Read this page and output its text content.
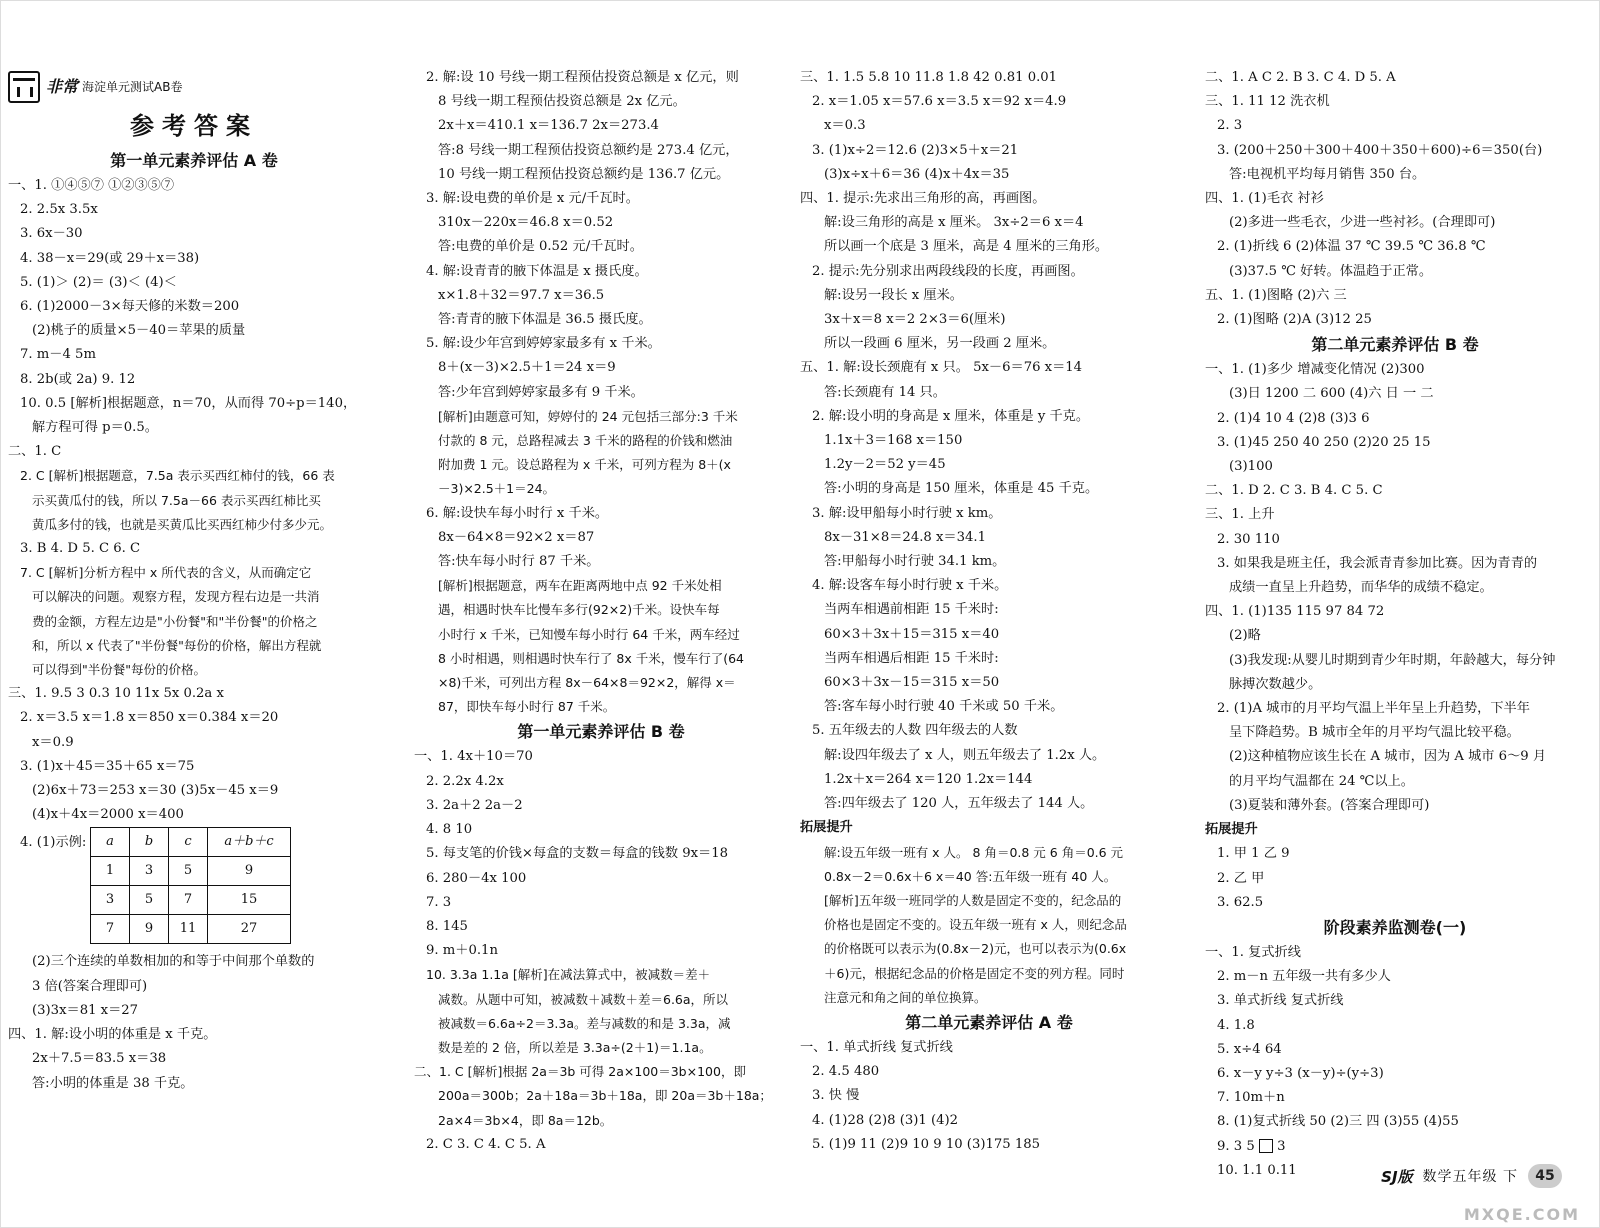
非常 海淀单元测试AB卷
参考答案
第一单元素养评估 A 卷
一、1. ①④⑤⑦ ①②③⑤⑦
2. 2.5x 3.5x
3. 6x－30
4. 38－x＝29(或 29＋x＝38)
5. (1)＞ (2)＝ (3)＜ (4)＜
6. (1)2000－3×每天修的米数＝200
(2)桃子的质量×5－40＝苹果的质量
7. m－4 5m
8. 2b(或 2a) 9. 12
10. 0.5 [解析]根据题意，n＝70，从而得 70÷p＝140，
解方程可得 p＝0.5。
二、1. C
2. C [解析]根据题意，7.5a 表示买西红柿付的钱，66 表
示买黄瓜付的钱，所以 7.5a－66 表示买西红柿比买
黄瓜多付的钱，也就是买黄瓜比买西红柿少付多少元。
3. B 4. D 5. C 6. C
7. C [解析]分析方程中 x 所代表的含义，从而确定它
可以解决的问题。观察方程，发现方程右边是一共消
费的金额，方程左边是"小份餐"和"半份餐"的价格之
和，所以 x 代表了"半份餐"每份的价格，解出方程就
可以得到"半份餐"每份的价格。
三、1. 9.5 3 0.3 10 11x 5x 0.2a x
2. x＝3.5 x＝1.8 x＝850 x＝0.384 x＝20
x＝0.9
3. (1)x＋45＝35＋65 x＝75
(2)6x＋73＝253 x＝30 (3)5x－45 x＝9
(4)x＋4x＝2000 x＝400
4. (1)示例: a	b	c	a＋b＋c
1	3	5	9
3	5	7	15
7	9	11	27
(2)三个连续的单数相加的和等于中间那个单数的
3 倍(答案合理即可)
(3)3x＝81 x＝27
四、1. 解:设小明的体重是 x 千克。
2x＋7.5＝83.5 x＝38
答:小明的体重是 38 千克。
2. 解:设 10 号线一期工程预估投资总额是 x 亿元，则
8 号线一期工程预估投资总额是 2x 亿元。
2x＋x＝410.1 x＝136.7 2x＝273.4
答:8 号线一期工程预估投资总额约是 273.4 亿元，
10 号线一期工程预估投资总额约是 136.7 亿元。
3. 解:设电费的单价是 x 元/千瓦时。
310x－220x＝46.8 x＝0.52
答:电费的单价是 0.52 元/千瓦时。
4. 解:设青青的腋下体温是 x 摄氏度。
x×1.8＋32＝97.7 x＝36.5
答:青青的腋下体温是 36.5 摄氏度。
5. 解:设少年宫到婷婷家最多有 x 千米。
8＋(x－3)×2.5＋1＝24 x＝9
答:少年宫到婷婷家最多有 9 千米。
[解析]由题意可知，婷婷付的 24 元包括三部分:3 千米
付款的 8 元，总路程减去 3 千米的路程的价钱和燃油
附加费 1 元。设总路程为 x 千米，可列方程为 8＋(x
－3)×2.5＋1＝24。
6. 解:设快车每小时行 x 千米。
8x－64×8＝92×2 x＝87
答:快车每小时行 87 千米。
[解析]根据题意，两车在距离两地中点 92 千米处相
遇，相遇时快车比慢车多行(92×2)千米。设快车每
小时行 x 千米，已知慢车每小时行 64 千米，两车经过
8 小时相遇，则相遇时快车行了 8x 千米，慢车行了(64
×8)千米，可列出方程 8x－64×8＝92×2，解得 x＝
87，即快车每小时行 87 千米。
第一单元素养评估 B 卷
一、1. 4x＋10＝70
2. 2.2x 4.2x
3. 2a＋2 2a－2
4. 8 10
5. 每支笔的价钱×每盒的支数＝每盒的钱数 9x＝18
6. 280－4x 100
7. 3
8. 145
9. m＋0.1n
10. 3.3a 1.1a [解析]在减法算式中，被减数＝差＋
减数。从题中可知，被减数＋减数＋差＝6.6a，所以
被减数＝6.6a÷2＝3.3a。差与减数的和是 3.3a，减
数是差的 2 倍，所以差是 3.3a÷(2＋1)＝1.1a。
二、1. C [解析]根据 2a＝3b 可得 2a×100＝3b×100，即
200a＝300b；2a＋18a＝3b＋18a，即 20a＝3b＋18a；
2a×4＝3b×4，即 8a＝12b。
2. C 3. C 4. C 5. A
三、1. 1.5 5.8 10 11.8 1.8 42 0.81 0.01
2. x＝1.05 x＝57.6 x＝3.5 x＝92 x＝4.9
x＝0.3
3. (1)x÷2＝12.6 (2)3×5＋x＝21
(3)x÷x＋6＝36 (4)x＋4x＝35
四、1. 提示:先求出三角形的高，再画图。
解:设三角形的高是 x 厘米。 3x÷2＝6 x＝4
所以画一个底是 3 厘米，高是 4 厘米的三角形。
2. 提示:先分别求出两段线段的长度，再画图。
解:设另一段长 x 厘米。
3x＋x＝8 x＝2 2×3＝6(厘米)
所以一段画 6 厘米，另一段画 2 厘米。
五、1. 解:设长颈鹿有 x 只。 5x－6＝76 x＝14
答:长颈鹿有 14 只。
2. 解:设小明的身高是 x 厘米，体重是 y 千克。
1.1x＋3＝168 x＝150
1.2y－2＝52 y＝45
答:小明的身高是 150 厘米，体重是 45 千克。
3. 解:设甲船每小时行驶 x km。
8x－31×8＝24.8 x＝34.1
答:甲船每小时行驶 34.1 km。
4. 解:设客车每小时行驶 x 千米。
当两车相遇前相距 15 千米时:
60×3＋3x＋15＝315 x＝40
当两车相遇后相距 15 千米时:
60×3＋3x－15＝315 x＝50
答:客车每小时行驶 40 千米或 50 千米。
5. 五年级去的人数 四年级去的人数
解:设四年级去了 x 人，则五年级去了 1.2x 人。
1.2x＋x＝264 x＝120 1.2x＝144
答:四年级去了 120 人，五年级去了 144 人。
拓展提升
解:设五年级一班有 x 人。 8 角＝0.8 元 6 角＝0.6 元
0.8x－2＝0.6x＋6 x＝40 答:五年级一班有 40 人。
[解析]五年级一班同学的人数是固定不变的，纪念品的
价格也是固定不变的。设五年级一班有 x 人，则纪念品
的价格既可以表示为(0.8x－2)元，也可以表示为(0.6x
＋6)元，根据纪念品的价格是固定不变的列方程。同时
注意元和角之间的单位换算。
第二单元素养评估 A 卷
一、1. 单式折线 复式折线
2. 4.5 480
3. 快 慢
4. (1)28 (2)8 (3)1 (4)2
5. (1)9 11 (2)9 10 9 10 (3)175 185
二、1. A C 2. B 3. C 4. D 5. A
三、1. 11 12 洗衣机
2. 3
3. (200＋250＋300＋400＋350＋600)÷6＝350(台)
答:电视机平均每月销售 350 台。
四、1. (1)毛衣 衬衫
(2)多进一些毛衣，少进一些衬衫。(合理即可)
2. (1)折线 6 (2)体温 37 ℃ 39.5 ℃ 36.8 ℃
(3)37.5 ℃ 好转。体温趋于正常。
五、1. (1)图略 (2)六 三
2. (1)图略 (2)A (3)12 25
第二单元素养评估 B 卷
一、1. (1)多少 增减变化情况 (2)300
(3)日 1200 二 600 (4)六 日 一 二
2. (1)4 10 4 (2)8 (3)3 6
3. (1)45 250 40 250 (2)20 25 15
(3)100
二、1. D 2. C 3. B 4. C 5. C
三、1. 上升
2. 30 110
3. 如果我是班主任，我会派青青参加比赛。因为青青的
成绩一直呈上升趋势，而华华的成绩不稳定。
四、1. (1)135 115 97 84 72
(2)略
(3)我发现:从婴儿时期到青少年时期，年龄越大，每分钟
脉搏次数越少。
2. (1)A 城市的月平均气温上半年呈上升趋势，下半年
呈下降趋势。B 城市全年的月平均气温比较平稳。
(2)这种植物应该生长在 A 城市，因为 A 城市 6～9 月
的月平均气温都在 24 ℃以上。
(3)夏装和薄外套。(答案合理即可)
拓展提升
1. 甲 1 乙 9
2. 乙 甲
3. 62.5
阶段素养监测卷(一)
一、1. 复式折线
2. m－n 五年级一共有多少人
3. 单式折线 复式折线
4. 1.8
5. x÷4 64
6. x－y y÷3 (x－y)÷(y÷3)
7. 10m＋n
8. (1)复式折线 50 (2)三 四 (3)55 (4)55
9. 3 5 3
10. 1.1 0.11	SJ版 数学五年级 下	45
MXQE.COM
